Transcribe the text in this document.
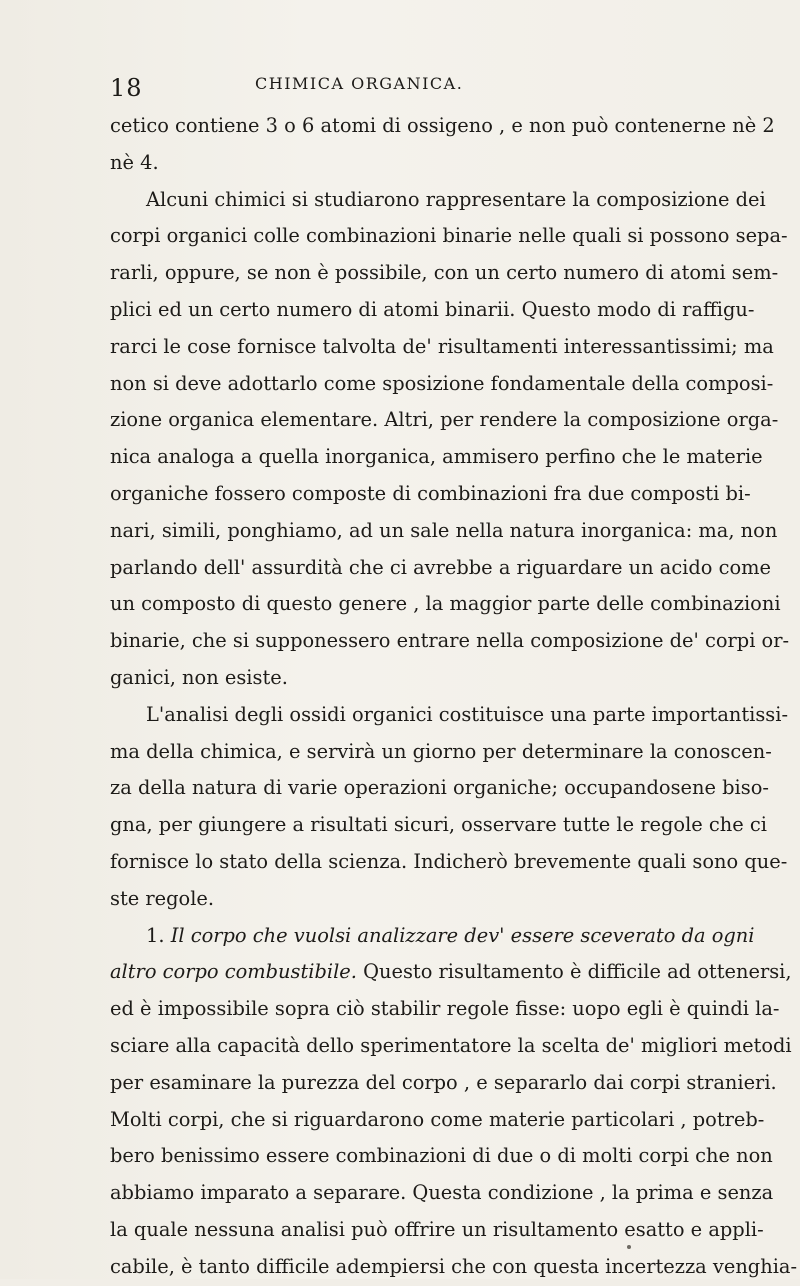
18	CHIMICA ORGANICA.
cetico contiene 3 o 6 atomi di ossigeno , e non può contenerne nè 2
nè 4.
Alcuni chimici si studiarono rappresentare la composizione dei
corpi organici colle combinazioni binarie nelle quali si possono sepa-
rarli, oppure, se non è possibile, con un certo numero di atomi sem-
plici ed un certo numero di atomi binarii. Questo modo di raffigu-
rarci le cose fornisce talvolta de' risultamenti interessantissimi; ma
non si deve adottarlo come sposizione fondamentale della composi-
zione organica elementare. Altri, per rendere la composizione orga-
nica analoga a quella inorganica, ammisero perfino che le materie
organiche fossero composte di combinazioni fra due composti bi-
nari, simili, ponghiamo, ad un sale nella natura inorganica: ma, non
parlando dell' assurdità che ci avrebbe a riguardare un acido come
un composto di questo genere , la maggior parte delle combinazioni
binarie, che si supponessero entrare nella composizione de' corpi or-
ganici, non esiste.
L'analisi degli ossidi organici costituisce una parte importantissi-
ma della chimica, e servirà un giorno per determinare la conoscen-
za della natura di varie operazioni organiche; occupandosene biso-
gna, per giungere a risultati sicuri, osservare tutte le regole che ci
fornisce lo stato della scienza. Indicherò brevemente quali sono que-
ste regole.
1. Il corpo che vuolsi analizzare dev' essere sceverato da ogni
altro corpo combustibile. Questo risultamento è difficile ad ottenersi,
ed è impossibile sopra ciò stabilir regole fisse: uopo egli è quindi la-
sciare alla capacità dello sperimentatore la scelta de' migliori metodi
per esaminare la purezza del corpo , e separarlo dai corpi stranieri.
Molti corpi, che si riguardarono come materie particolari , potreb-
bero benissimo essere combinazioni di due o di molti corpi che non
abbiamo imparato a separare. Questa condizione , la prima e senza
la quale nessuna analisi può offrire un risultamento esatto e appli-
cabile, è tanto difficile adempiersi che con questa incertezza venghia-
